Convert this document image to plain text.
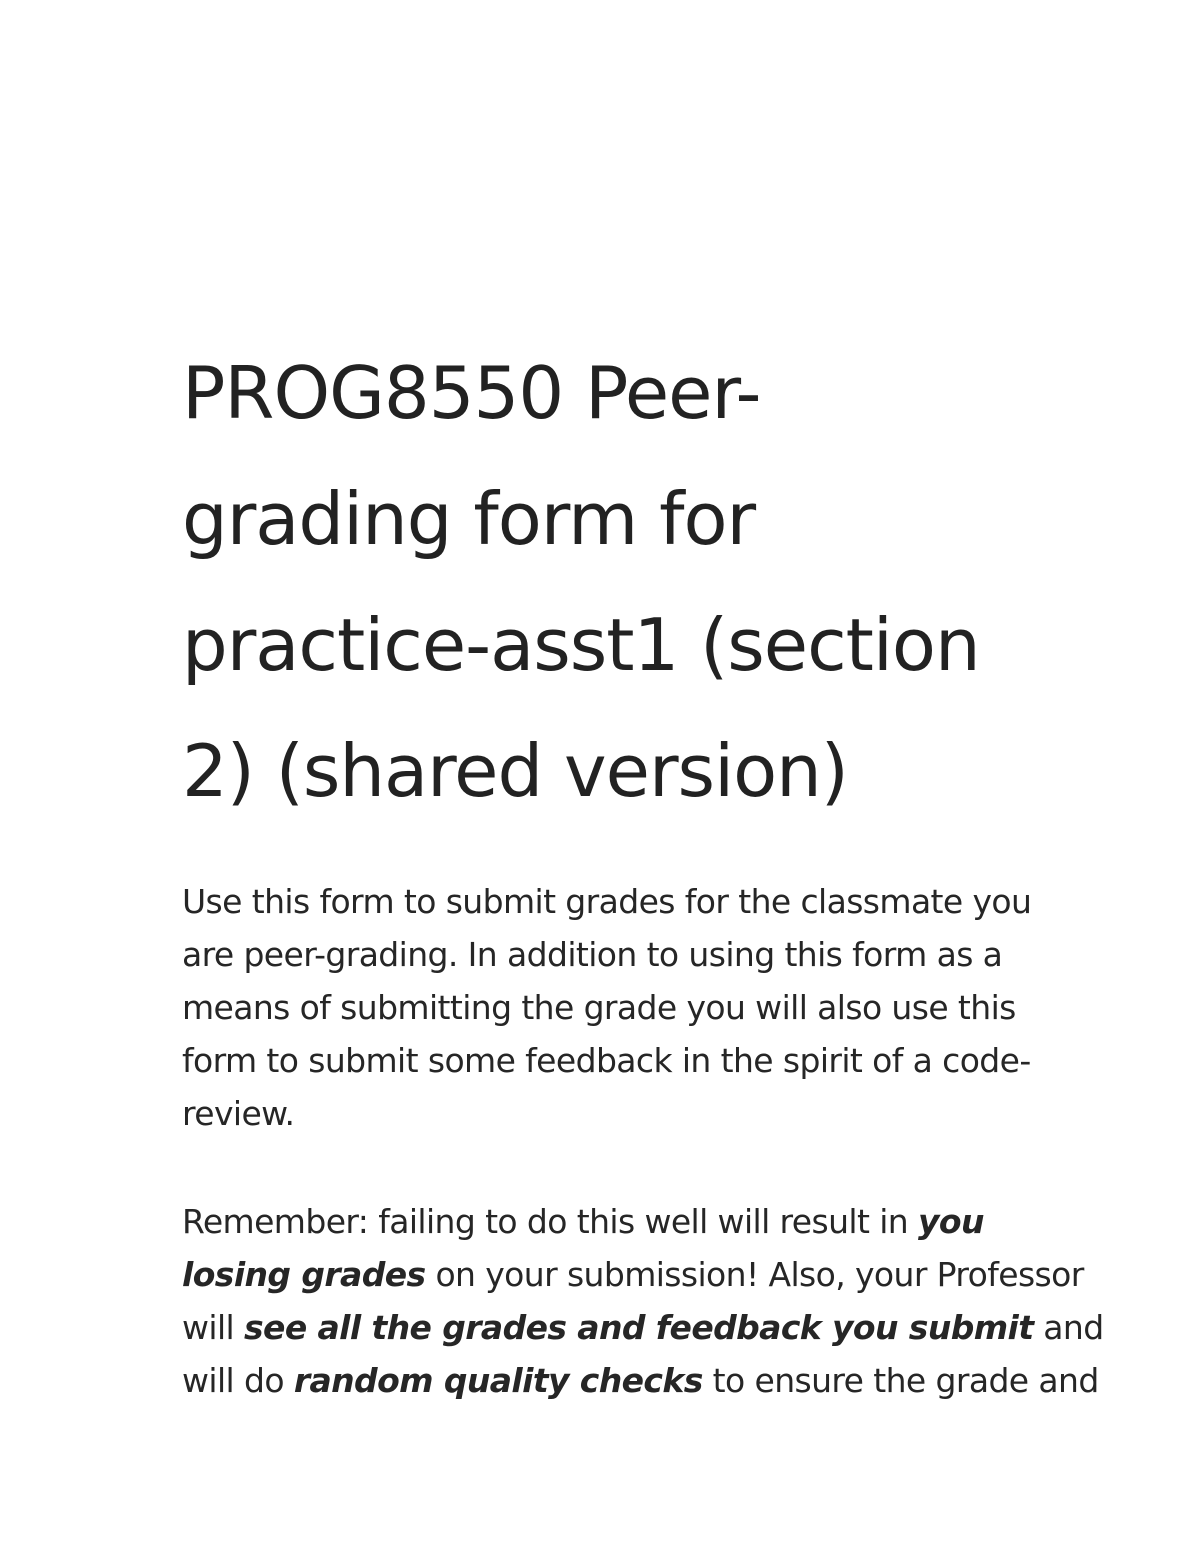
PROG8550 Peer-
grading form for
practice-asst1 (section
2) (shared version)
Use this form to submit grades for the classmate you
are peer-grading. In addition to using this form as a
means of submitting the grade you will also use this
form to submit some feedback in the spirit of a code-
review.
Remember: failing to do this well will result in you
losing grades on your submission! Also, your Professor
will see all the grades and feedback you submit and
will do random quality checks to ensure the grade and
